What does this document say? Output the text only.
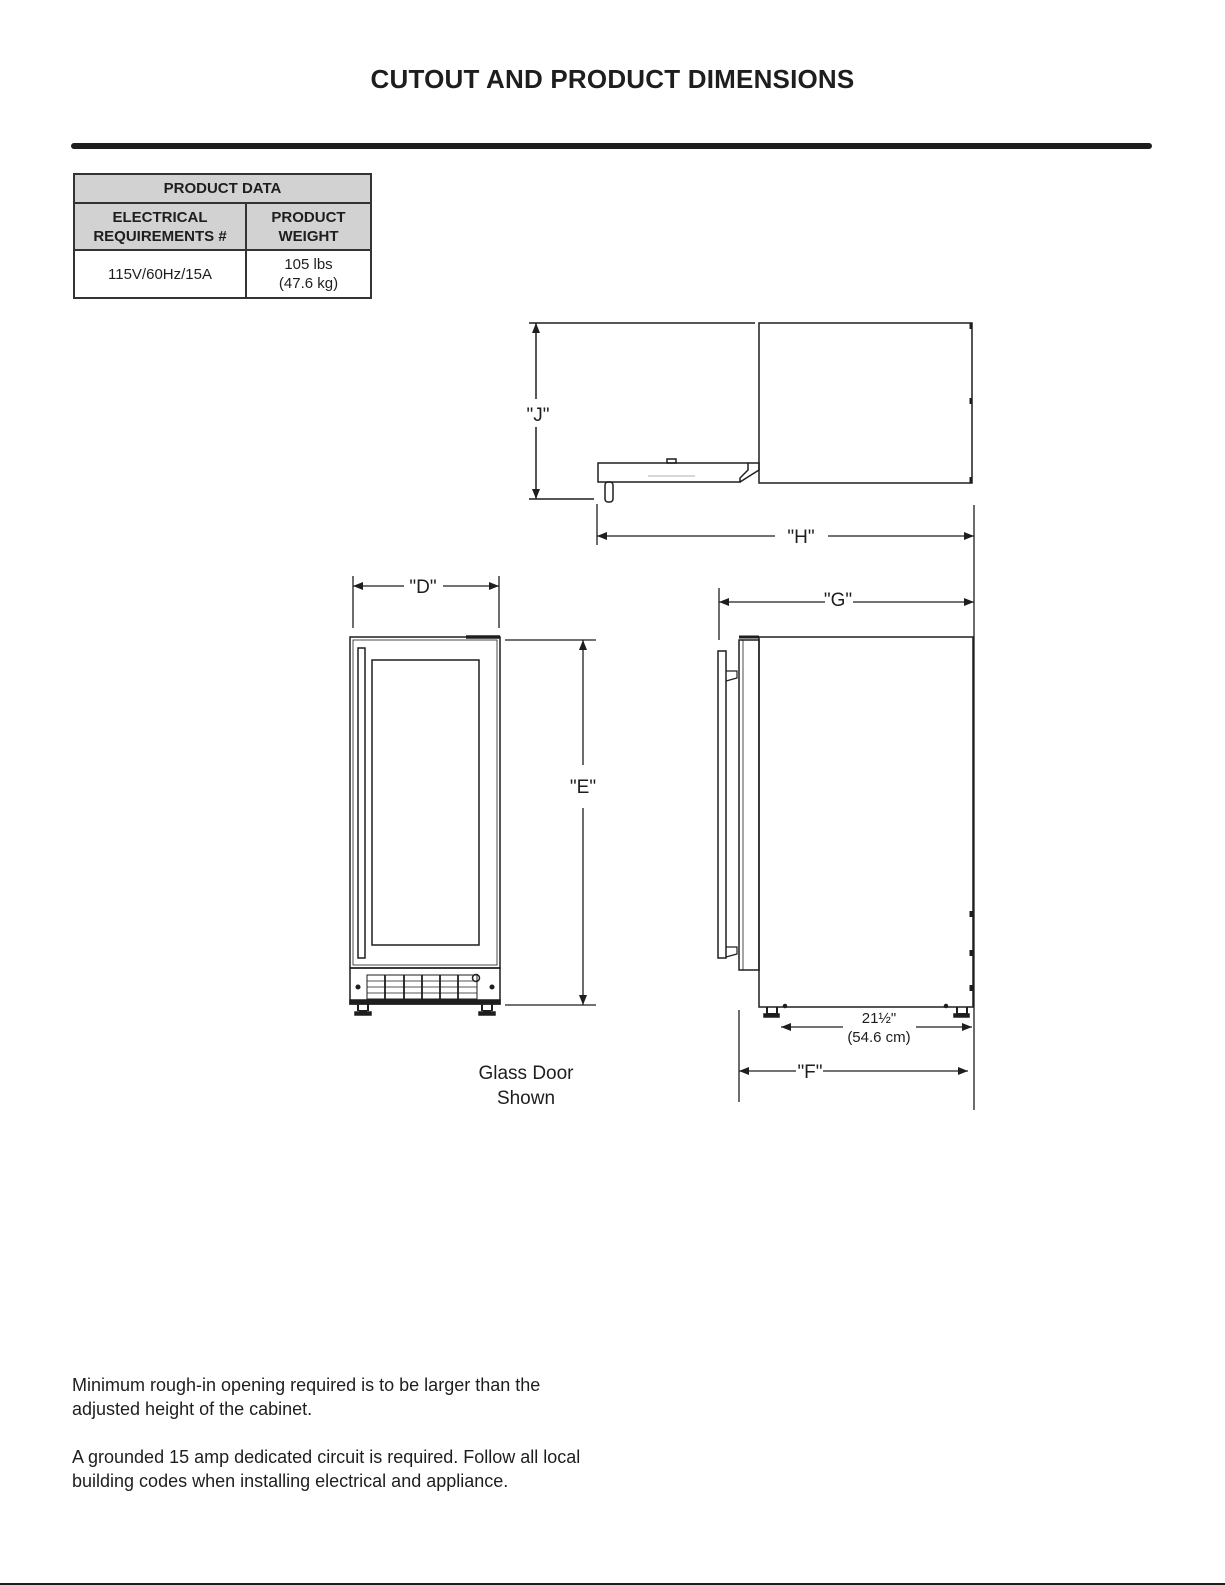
CUTOUT AND PRODUCT DIMENSIONS
PRODUCT DATA	
ELECTRICAL REQUIREMENTS #	PRODUCT WEIGHT
115V/60Hz/15A	105 lbs
(47.6 kg)
"J"
"H"
"D"
"E"
Glass Door
Shown
"G"
21½"
(54.6 cm)
"F"
Minimum rough-in opening required is to be larger than the adjusted height of the cabinet.
A grounded 15 amp dedicated circuit is required. Follow all local building codes when installing electrical and appliance.
